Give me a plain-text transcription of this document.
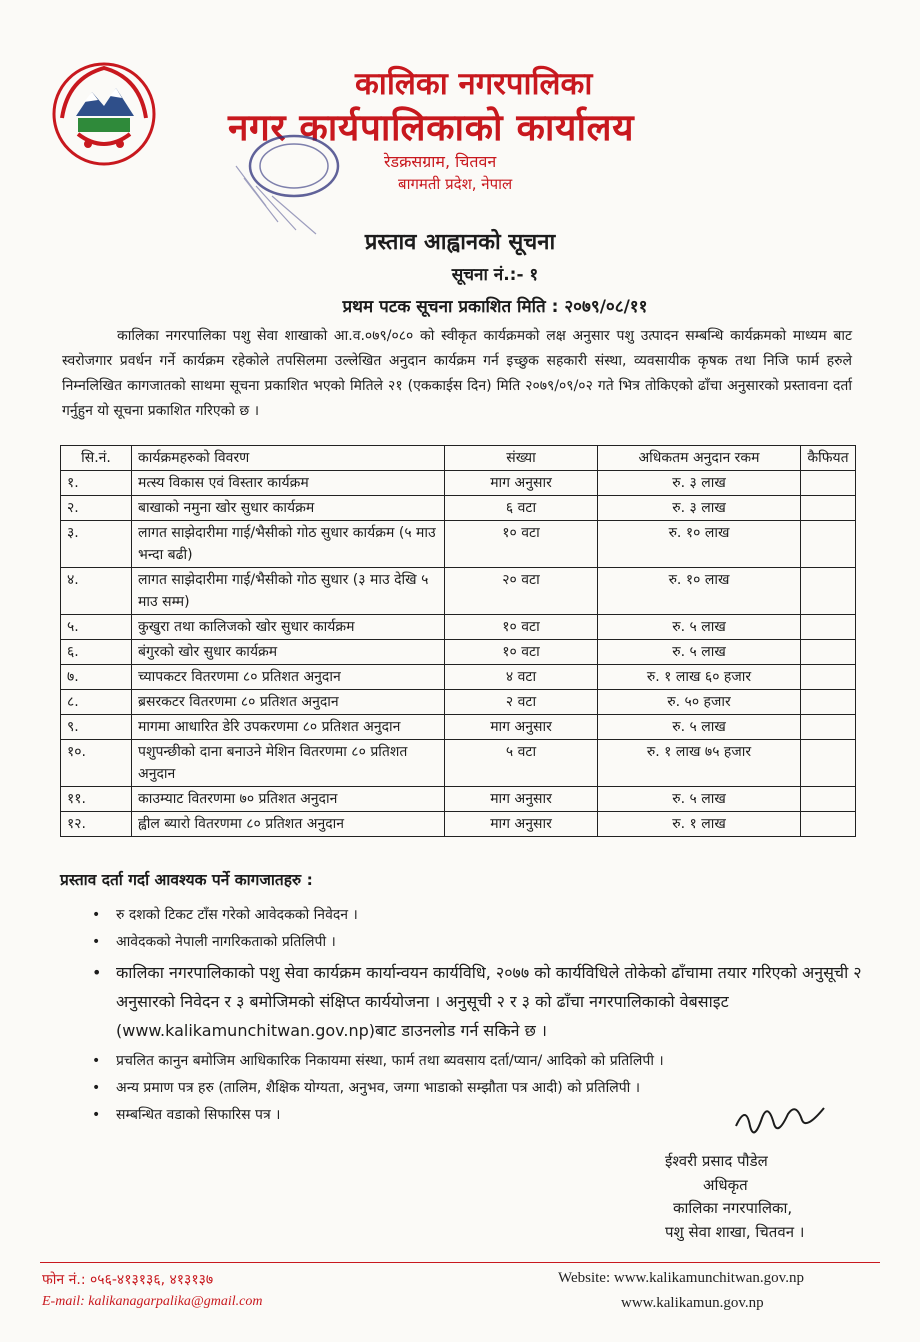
कालिका नगरपालिका
नगर कार्यपालिकाको कार्यालय
रेडक्रसग्राम, चितवन
बागमती प्रदेश, नेपाल
प्रस्ताव आह्वानको सूचना
सूचना नं.:- १
प्रथम पटक सूचना प्रकाशित मिति : २०७९/०८/११
कालिका नगरपालिका पशु सेवा शाखाको आ.व.०७९/०८० को स्वीकृत कार्यक्रमको लक्ष अनुसार पशु उत्पादन सम्बन्धि कार्यक्रमको माध्यम बाट स्वरोजगार प्रवर्धन गर्ने कार्यक्रम रहेकोले तपसिलमा उल्लेखित अनुदान कार्यक्रम गर्न इच्छुक सहकारी संस्था, व्यवसायीक कृषक तथा निजि फार्म हरुले निम्नलिखित कागजातको साथमा सूचना प्रकाशित भएको मितिले २१ (एककाईस दिन) मिति २०७९/०९/०२ गते भित्र तोकिएको ढाँचा अनुसारको प्रस्तावना दर्ता गर्नुहुन यो सूचना प्रकाशित गरिएको छ ।
सि.नं.	कार्यक्रमहरुको विवरण	संख्या	अधिकतम अनुदान रकम	कैफियत
१.	मत्स्य विकास एवं विस्तार कार्यक्रम	माग अनुसार	रु. ३ लाख	
२.	बाखाको नमुना खोर सुधार कार्यक्रम	६ वटा	रु. ३ लाख	
३.	लागत साझेदारीमा गाई/भैसीको गोठ सुधार कार्यक्रम (५ माउ भन्दा बढी)	१० वटा	रु. १० लाख	
४.	लागत साझेदारीमा गाई/भैसीको गोठ सुधार (३ माउ देखि ५ माउ सम्म)	२० वटा	रु. १० लाख	
५.	कुखुरा तथा कालिजको खोर सुधार कार्यक्रम	१० वटा	रु. ५ लाख	
६.	बंगुरको खोर सुधार कार्यक्रम	१० वटा	रु. ५ लाख	
७.	च्यापकटर वितरणमा ८० प्रतिशत अनुदान	४ वटा	रु. १ लाख ६० हजार	
८.	ब्रसरकटर वितरणमा ८० प्रतिशत अनुदान	२ वटा	रु. ५० हजार	
९.	मागमा आधारित डेरि उपकरणमा ८० प्रतिशत अनुदान	माग अनुसार	रु. ५ लाख	
१०.	पशुपन्छीको दाना बनाउने मेशिन वितरणमा ८० प्रतिशत अनुदान	५ वटा	रु. १ लाख ७५ हजार	
११.	काउम्याट वितरणमा ७० प्रतिशत अनुदान	माग अनुसार	रु. ५ लाख	
१२.	ह्वील ब्यारो वितरणमा ८० प्रतिशत अनुदान	माग अनुसार	रु. १ लाख	
प्रस्ताव दर्ता गर्दा आवश्यक पर्ने कागजातहरु :
• रु दशको टिकट टाँस गरेको आवेदकको निवेदन ।
• आवेदकको नेपाली नागरिकताको प्रतिलिपी ।
• कालिका नगरपालिकाको पशु सेवा कार्यक्रम कार्यान्वयन कार्यविधि, २०७७ को कार्यविधिले तोकेको ढाँचामा तयार गरिएको अनुसूची २ अनुसारको निवेदन र ३ बमोजिमको संक्षिप्त कार्ययोजना । अनुसूची २ र ३ को ढाँचा नगरपालिकाको वेबसाइट (www.kalikamunchitwan.gov.np)बाट डाउनलोड गर्न सकिने छ ।
• प्रचलित कानुन बमोजिम आधिकारिक निकायमा संस्था, फार्म तथा ब्यवसाय दर्ता/प्यान/ आदिको को प्रतिलिपी ।
• अन्य प्रमाण पत्र हरु (तालिम, शैक्षिक योग्यता, अनुभव, जग्गा भाडाको सम्झौता पत्र आदी) को प्रतिलिपी ।
• सम्बन्धित वडाको सिफारिस पत्र ।
ईश्वरी प्रसाद पौडेल
अधिकृत
कालिका नगरपालिका,
पशु सेवा शाखा, चितवन ।
फोन नं.: ०५६-४१३१३६, ४१३१३७
E-mail: kalikanagarpalika@gmail.com
Website: www.kalikamunchitwan.gov.np
www.kalikamun.gov.np
